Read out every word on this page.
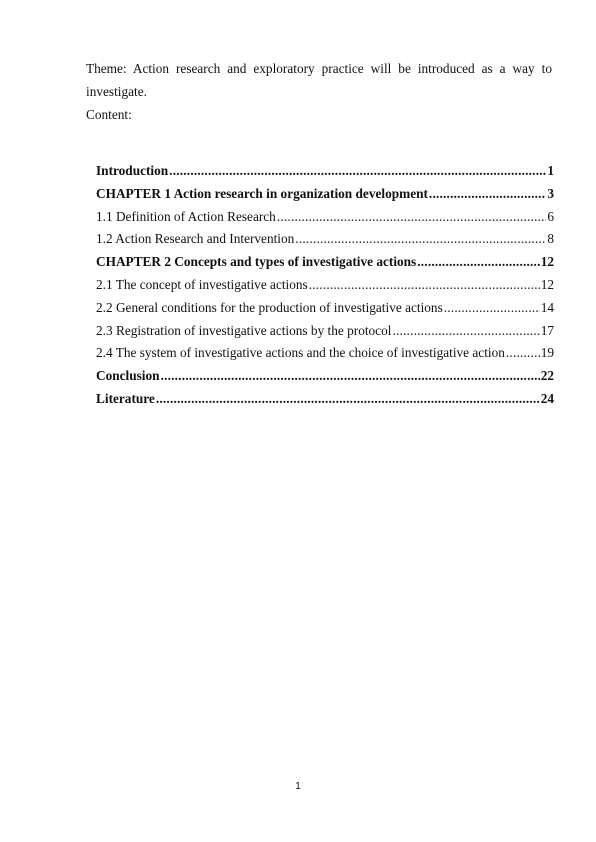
Theme: Action research and exploratory practice will be introduced as a way to investigate.
Content:
Introduction .....	1
CHAPTER 1 Action research in organization development .....	3
1.1 Definition of Action Research .....	6
1.2 Action Research and Intervention .....	8
CHAPTER 2 Concepts and types of investigative actions .....	12
2.1 The concept of investigative actions .....	12
2.2 General conditions for the production of investigative actions .....	14
2.3 Registration of investigative actions by the protocol .....	17
2.4 The system of investigative actions and the choice of investigative action .....	19
Conclusion .....	22
Literature .....	24
1
